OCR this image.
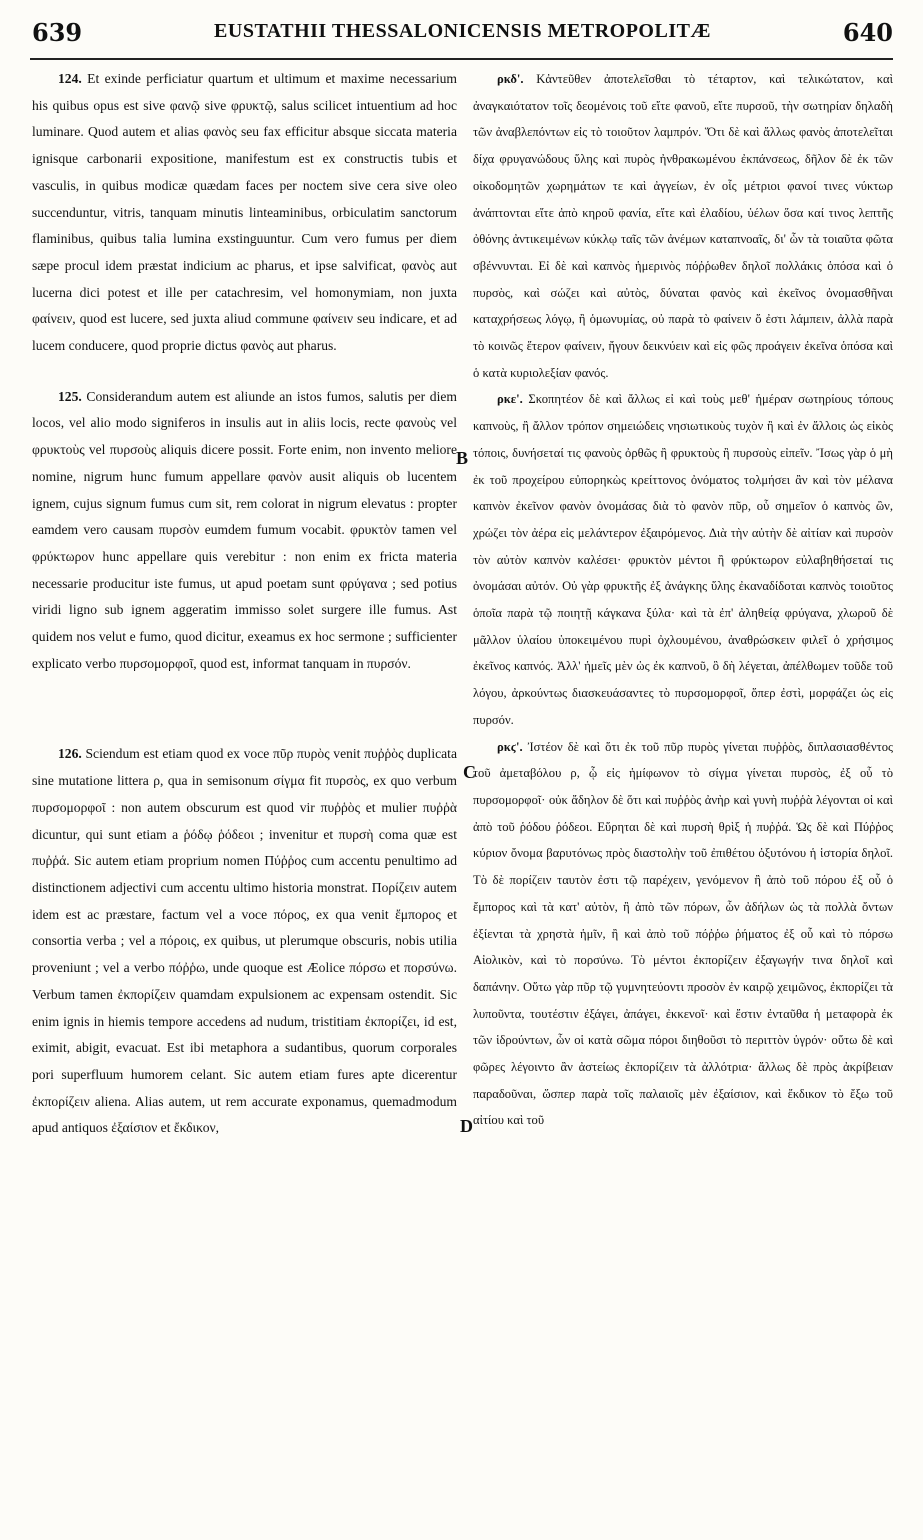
639	EUSTATHII THESSALONICENSIS METROPOLITÆ	640

124. Et exinde perficiatur quartum et ultimum et maxime necessarium his quibus opus est sive φανῷ sive φρυκτῷ, salus scilicet intuentium ad hoc luminare. Quod autem et alias φανὸς seu fax efficitur absque siccata materia ignisque carbonarii expositione, manifestum est ex constructis tubis et vasculis, in quibus modicæ quædam faces per noctem sive cera sive oleo succenduntur, vitris, tanquam minutis linteaminibus, orbiculatim sanctorum flaminibus, quibus talia lumina exstinguuntur. Cum vero fumus per diem sæpe procul idem præstat indicium ac pharus, et ipse salvificat, φανὸς aut lucerna dici potest et ille per catachresim, vel homonymiam, non juxta φαίνειν, quod est lucere, sed juxta aliud commune φαίνειν seu indicare, et ad lucem conducere, quod proprie dictus φανὸς aut pharus.

125. Considerandum autem est aliunde an istos fumos, salutis per diem locos, vel alio modo signiferos in insulis aut in aliis locis, recte φανοὺς vel φρυκτοὺς vel πυρσοὺς aliquis dicere possit. Forte enim, non invento meliore nomine, nigrum hunc fumum appellare φανὸν ausit aliquis ob lucentem ignem, cujus signum fumus cum sit, rem colorat in nigrum elevatus : propter eamdem vero causam πυρσὸν eumdem fumum vocabit. φρυκτὸν tamen vel φρύκτωρον hunc appellare quis verebitur : non enim ex fricta materia necessarie producitur iste fumus, ut apud poetam sunt φρύγανα ; sed potius viridi ligno sub ignem aggeratim immisso solet surgere ille fumus. Ast quidem nos velut e fumo, quod dicitur, exeamus ex hoc sermone ; sufficienter explicato verbo πυρσομορφοῖ, quod est, informat tanquam in πυρσόν.

126. Sciendum est etiam quod ex voce πῦρ πυρὸς venit πυῤῥὸς duplicata sine mutatione littera ρ, qua in semisonum σίγμα fit πυρσὸς, ex quo verbum πυρσομορφοῖ : non autem obscurum est quod vir πυῤῥὸς et mulier πυῤῥὰ dicuntur, qui sunt etiam a ῥόδῳ ῥόδεοι ; invenitur et πυρσὴ coma quæ est πυῤῥά. Sic autem etiam proprium nomen Πύῤῥος cum accentu penultimo ad distinctionem adjectivi cum accentu ultimo historia monstrat. Πορίζειν autem idem est ac præstare, factum vel a voce πόρος, ex qua venit ἔμπορος et consortia verba ; vel a πόροις, ex quibus, ut plerumque obscuris, nobis utilia proveniunt ; vel a verbo πόῤῥω, unde quoque est Æolice πόρσω et πορσύνω. Verbum tamen ἐκπορίζειν quamdam expulsionem ac expensam ostendit. Sic enim ignis in hiemis tempore accedens ad nudum, tristitiam ἐκπορίζει, id est, eximit, abigit, evacuat. Est ibi metaphora a sudantibus, quorum corporales pori superfluum humorem celant. Sic autem etiam fures apte dicerentur ἐκπορίζειν aliena. Alias autem, ut rem accurate exponamus, quemadmodum apud antiquos ἐξαίσιον et ἔκδικον,

B
C
D

ρκδ'. Κἀντεῦθεν ἀποτελεῖσθαι τὸ τέταρτον, καὶ τελικώτατον, καὶ ἀναγκαιότατον τοῖς δεομένοις τοῦ εἴτε φανοῦ, εἴτε πυρσοῦ, τὴν σωτηρίαν δηλαδὴ τῶν ἀναβλεπόντων εἰς τὸ τοιοῦτον λαμπρόν. Ὅτι δὲ καὶ ἄλλως φανὸς ἀποτελεῖται δίχα φρυγανώδους ὕλης καὶ πυρὸς ἠνθρακωμένου ἐκπάνσεως, δῆλον δὲ ἐκ τῶν οἰκοδομητῶν χωρημάτων τε καὶ ἀγγείων, ἐν οἷς μέτριοι φανοί τινες νύκτωρ ἀνάπτονται εἴτε ἀπὸ κηροῦ φανία, εἴτε καὶ ἐλαδίου, ὑέλων ὅσα καί τινος λεπτῆς ὀθόνης ἀντικειμένων κύκλῳ ταῖς τῶν ἀνέμων καταπνοαῖς, δι' ὧν τὰ τοιαῦτα φῶτα σβέννυνται. Εἰ δὲ καὶ καπνὸς ἡμερινὸς πόῤῥωθεν δηλοῖ πολλάκις ὁπόσα καὶ ὁ πυρσὸς, καὶ σώζει καὶ αὐτὸς, δύναται φανὸς καὶ ἐκεῖνος ὀνομασθῆναι καταχρήσεως λόγῳ, ἢ ὁμωνυμίας, οὐ παρὰ τὸ φαίνειν ὅ ἐστι λάμπειν, ἀλλὰ παρὰ τὸ κοινῶς ἕτερον φαίνειν, ἤγουν δεικνύειν καὶ εἰς φῶς προάγειν ἐκεῖνα ὁπόσα καὶ ὁ κατὰ κυριολεξίαν φανός.

ρκε'. Σκοπητέον δὲ καὶ ἄλλως εἰ καὶ τοὺς μεθ' ἡμέραν σωτηρίους τόπους καπνοὺς, ἢ ἄλλον τρόπον σημειώδεις νησιωτικοὺς τυχὸν ἢ καὶ ἐν ἄλλοις ὡς εἰκὸς τόποις, δυνήσεταί τις φανοὺς ὀρθῶς ἢ φρυκτοὺς ἢ πυρσοὺς εἰπεῖν. Ἴσως γὰρ ὁ μὴ ἐκ τοῦ προχείρου εὐπορηκὼς κρείττονος ὀνόματος τολμήσει ἂν καὶ τὸν μέλανα καπνὸν ἐκεῖνον φανὸν ὀνομάσας διὰ τὸ φανὸν πῦρ, οὗ σημεῖον ὁ καπνὸς ὢν, χρώζει τὸν ἀέρα εἰς μελάντερον ἐξαιρόμενος. Διὰ τὴν αὐτὴν δὲ αἰτίαν καὶ πυρσὸν τὸν αὐτὸν καπνὸν καλέσει· φρυκτὸν μέντοι ἢ φρύκτωρον εὐλαβηθήσεταί τις ὀνομάσαι αὐτόν. Οὐ γὰρ φρυκτῆς ἐξ ἀνάγκης ὕλης ἐκαναδίδοται καπνὸς τοιοῦτος ὁποῖα παρὰ τῷ ποιητῇ κάγκανα ξύλα· καὶ τὰ ἐπ' ἀληθείᾳ φρύγανα, χλωροῦ δὲ μᾶλλον ὑλαίου ὑποκειμένου πυρὶ ὀχλουμένου, ἀναθρώσκειν φιλεῖ ὁ χρήσιμος ἐκεῖνος καπνός. Ἀλλ' ἡμεῖς μὲν ὡς ἐκ καπνοῦ, ὃ δὴ λέγεται, ἀπέλθωμεν τοῦδε τοῦ λόγου, ἀρκούντως διασκευάσαντες τὸ πυρσομορφοῖ, ὅπερ ἐστὶ, μορφάζει ὡς εἰς πυρσόν.

ρκϛ'. Ἰστέον δὲ καὶ ὅτι ἐκ τοῦ πῦρ πυρὸς γίνεται πυῤῥὸς, διπλασιασθέντος τοῦ ἀμεταβόλου ρ, ᾧ εἰς ἡμίφωνον τὸ σίγμα γίνεται πυρσὸς, ἐξ οὗ τὸ πυρσομορφοῖ· οὐκ ἄδηλον δὲ ὅτι καὶ πυῤῥὸς ἀνὴρ καὶ γυνὴ πυῤῥὰ λέγονται οἱ καὶ ἀπὸ τοῦ ῥόδου ῥόδεοι. Εὕρηται δὲ καὶ πυρσὴ θρὶξ ἡ πυῤῥά. Ὡς δὲ καὶ Πύῤῥος κύριον ὄνομα βαρυτόνως πρὸς διαστολὴν τοῦ ἐπιθέτου ὀξυτόνου ἡ ἱστορία δηλοῖ. Τὸ δὲ πορίζειν ταυτὸν ἐστι τῷ παρέχειν, γενόμενον ἢ ἀπὸ τοῦ πόρου ἐξ οὗ ὁ ἔμπορος καὶ τὰ κατ' αὐτὸν, ἢ ἀπὸ τῶν πόρων, ὧν ἀδήλων ὡς τὰ πολλὰ ὄντων ἐξίενται τὰ χρηστὰ ἡμῖν, ἢ καὶ ἀπὸ τοῦ πόῤῥω ῥήματος ἐξ οὗ καὶ τὸ πόρσω Αἰολικὸν, καὶ τὸ πορσύνω. Τὸ μέντοι ἐκπορίζειν ἐξαγωγήν τινα δηλοῖ καὶ δαπάνην. Οὕτω γὰρ πῦρ τῷ γυμνητεύοντι προσὸν ἐν καιρῷ χειμῶνος, ἐκπορίζει τὰ λυποῦντα, τουτέστιν ἐξάγει, ἀπάγει, ἐκκενοῖ· καὶ ἔστιν ἐνταῦθα ἡ μεταφορὰ ἐκ τῶν ἱδρούντων, ὧν οἱ κατὰ σῶμα πόροι διηθοῦσι τὸ περιττὸν ὑγρόν· οὕτω δὲ καὶ φῶρες λέγοιντο ἂν ἀστείως ἐκπορίζειν τὰ ἀλλότρια· ἄλλως δὲ πρὸς ἀκρίβειαν παραδοῦναι, ὥσπερ παρὰ τοῖς παλαιοῖς μὲν ἐξαίσιον, καὶ ἔκδικον τὸ ἔξω τοῦ αἰτίου καὶ τοῦ
